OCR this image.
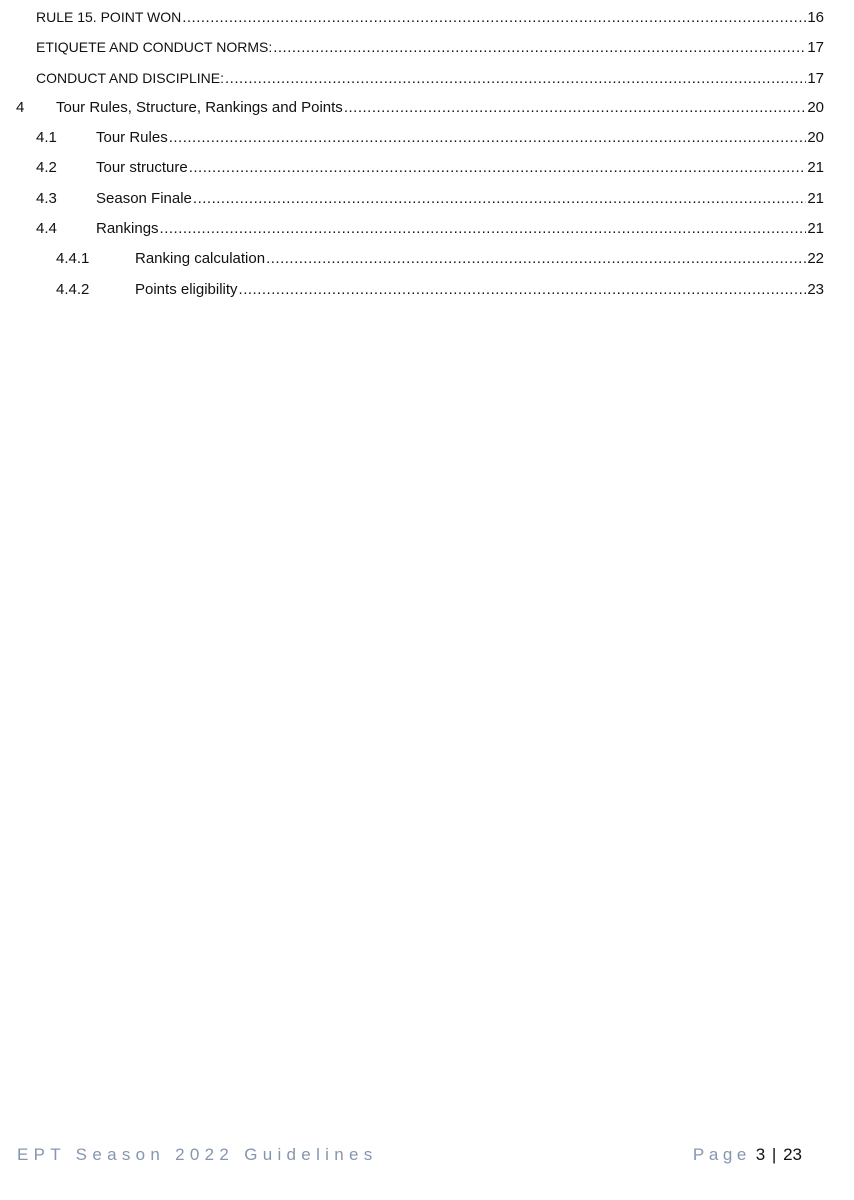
RULE 15. POINT WON .....	16
ETIQUETE AND CONDUCT NORMS: .....	17
CONDUCT AND DISCIPLINE: .....	17
4	Tour Rules, Structure, Rankings and Points .....	20
4.1	Tour Rules .....	20
4.2	Tour structure .....	21
4.3	Season Finale .....	21
4.4	Rankings .....	21
4.4.1	Ranking calculation .....	22
4.4.2	Points eligibility .....	23
EPT Season 2022 Guidelines	Page 3 | 23
